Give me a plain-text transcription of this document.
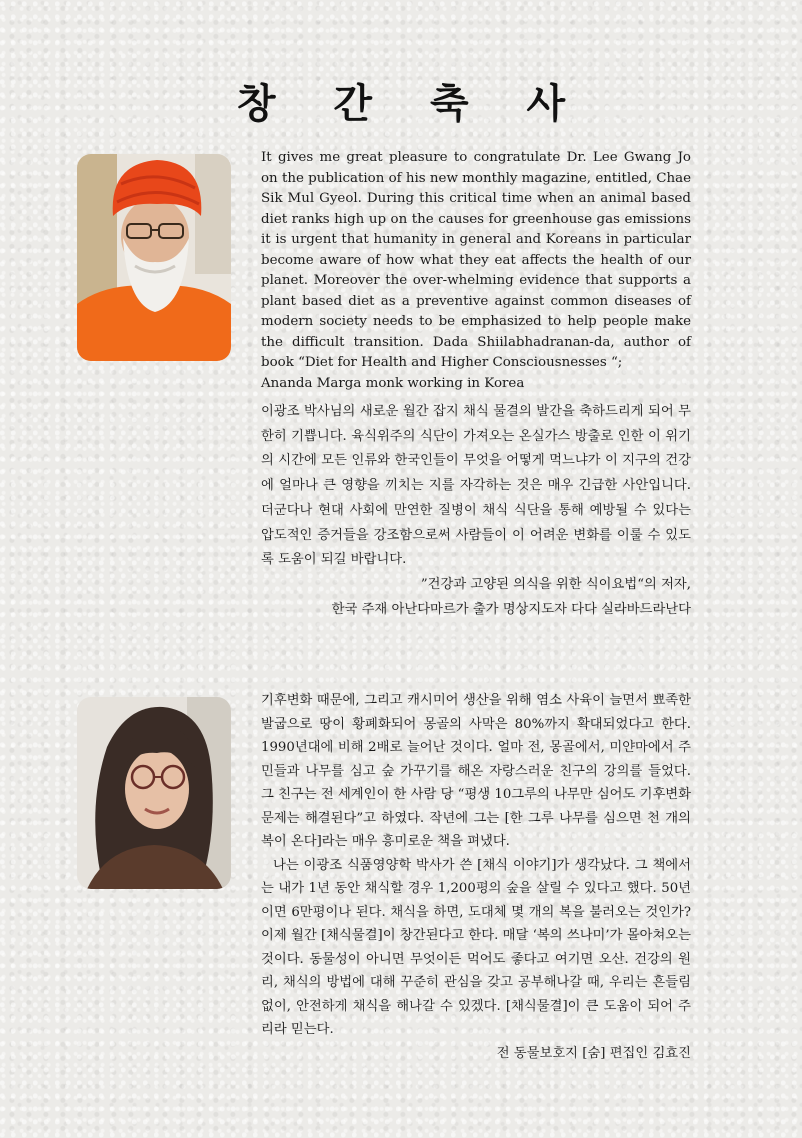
창 간 축 사
It gives me great pleasure to congratulate Dr. Lee Gwang Jo on the publication of his new monthly magazine, entitled, Chae Sik Mul Gyeol. During this critical time when an animal based diet ranks high up on the causes for greenhouse gas emissions it is urgent that humanity in general and Koreans in particular become aware of how what they eat affects the health of our planet. Moreover the over-whelming evidence that supports a plant based diet as a preventive against common diseases of modern society needs to be emphasized to help people make the difficult transition. Dada Shiilabhadranan-da, author of book “Diet for Health and Higher Consciousnesses “;
Ananda Marga monk working in Korea

이광조 박사님의 새로운 월간 잡지 채식 물결의 발간을 축하드리게 되어 무한히 기쁩니다. 육식위주의 식단이 가져오는 온실가스 방출로 인한 이 위기의 시간에 모든 인류와 한국인들이 무엇을 어떻게 먹느냐가 이 지구의 건강에 얼마나 큰 영향을 끼치는 지를 자각하는 것은 매우 긴급한 사안입니다. 더군다나 현대 사회에 만연한 질병이 채식 식단을 통해 예방될 수 있다는 압도적인 증거들을 강조함으로써 사람들이 이 어려운 변화를 이룰 수 있도록 도움이 되길 바랍니다.

”건강과 고양된 의식을 위한 식이요법“의 저자,
한국 주재 아난다마르가 출가 명상지도자 다다 실라바드라난다

기후변화 때문에, 그리고 캐시미어 생산을 위해 염소 사육이 늘면서 뾰족한 발굽으로 땅이 황폐화되어 몽골의 사막은 80%까지 확대되었다고 한다. 1990년대에 비해 2배로 늘어난 것이다. 얼마 전, 몽골에서, 미얀마에서 주민들과 나무를 심고 숲 가꾸기를 해온 자랑스러운 친구의 강의를 들었다. 그 친구는 전 세계인이 한 사람 당 “평생 10그루의 나무만 심어도 기후변화 문제는 해결된다”고 하였다. 작년에 그는 [한 그루 나무를 심으면 천 개의 복이 온다]라는 매우 흥미로운 책을 펴냈다.

나는 이광조 식품영양학 박사가 쓴 [채식 이야기]가 생각났다. 그 책에서는 내가 1년 동안 채식할 경우 1,200평의 숲을 살릴 수 있다고 했다. 50년이면 6만평이나 된다. 채식을 하면, 도대체 몇 개의 복을 불러오는 것인가? 이제 월간 [채식물결]이 창간된다고 한다. 매달 ‘복의 쓰나미’가 몰아쳐오는 것이다. 동물성이 아니면 무엇이든 먹어도 좋다고 여기면 오산. 건강의 원리, 채식의 방법에 대해 꾸준히 관심을 갖고 공부해나갈 때, 우리는 흔들림 없이, 안전하게 채식을 해나갈 수 있겠다. [채식물결]이 큰 도움이 되어 주리라 믿는다.

전 동물보호지 [숨] 편집인 김효진
